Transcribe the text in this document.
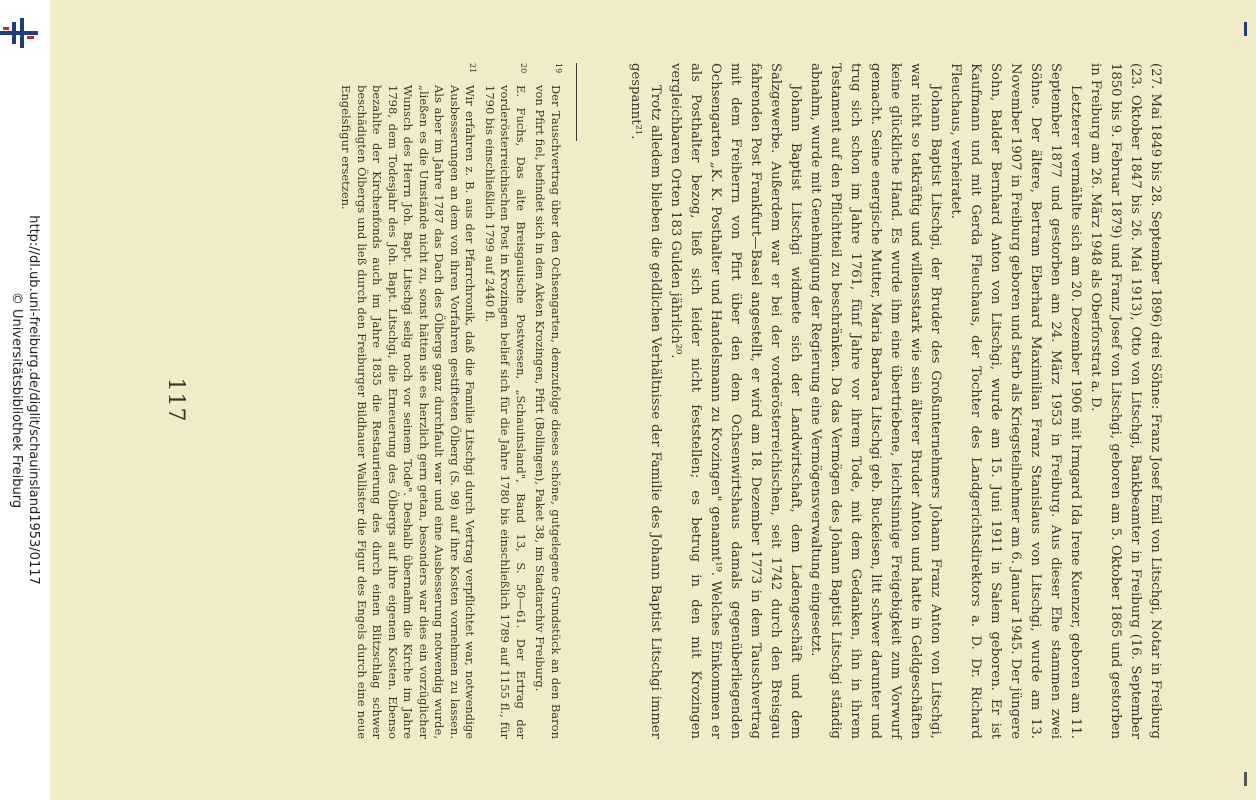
http://dl.ub.uni-freiburg.de/diglit/schauinsland1953/0117
© Universitätsbibliothek Freiburg	(27. Mai 1849 bis 28. September 1896) drei Söhne: Franz Josef Emil von Litschgi, Notar in Freiburg (23. Oktober 1847 bis 26. Mai 1913), Otto von Litschgi, Bankbeamter in Freiburg (16. September 1850 bis 9. Februar 1879) und Franz Josef von Litschgi, geboren am 5. Oktober 1865 und gestorben in Freiburg am 26. März 1948 als Oberforstrat a. D.

Letzterer vermählte sich am 20. Dezember 1906 mit Irmgard Ida Irene Kuenzer, geboren am 11. September 1877 und gestorben am 24. März 1953 in Freiburg. Aus dieser Ehe stammen zwei Söhne. Der ältere, Bertram Eberhard Maximilian Franz Stanislaus von Litschgi, wurde am 13. November 1907 in Freiburg geboren und starb als Kriegsteilnehmer am 6. Januar 1945. Der jüngere Sohn, Balder Bernhard Anton von Litschgi, wurde am 15. Juni 1911 in Salem geboren. Er ist Kaufmann und mit Gerda Fleuchaus, der Tochter des Landgerichtsdirektors a. D. Dr. Richard Fleuchaus, verheiratet.

Johann Baptist Litschgi, der Bruder des Großunternehmers Johann Franz Anton von Litschgi, war nicht so tatkräftig und willensstark wie sein älterer Bruder Anton und hatte in Geldgeschäften keine glückliche Hand. Es wurde ihm eine übertriebene, leichtsinnige Freigebigkeit zum Vorwurf gemacht. Seine energische Mutter, Maria Barbara Litschgi geb. Buckeisen, litt schwer darunter und trug sich schon im Jahre 1761, fünf Jahre vor ihrem Tode, mit dem Gedanken, ihn in ihrem Testament auf den Pflichtteil zu beschränken. Da das Vermögen des Johann Baptist Litschgi ständig abnahm, wurde mit Genehmigung der Regierung eine Vermögensverwaltung eingesetzt.

Johann Baptist Litschgi widmete sich der Landwirtschaft, dem Ladengeschäft und dem Salzgewerbe. Außerdem war er bei der vorderösterreichischen, seit 1742 durch den Breisgau fahrenden Post Frankfurt—Basel angestellt, er wird am 18. Dezember 1773 in dem Tauschvertrag mit dem Freiherrn von Pfirt über den dem Ochsenwirtshaus damals gegenüberliegenden Ochsengarten „K. K. Posthalter und Handelsmann zu Krozingen" genannt¹⁹. Welches Einkommen er als Posthalter bezog, ließ sich leider nicht feststellen; es betrug in den mit Krozingen vergleichbaren Orten 183 Gulden jährlich²⁰.

Trotz alledem blieben die geldlichen Verhältnisse der Familie des Johann Baptist Litschgi immer gespannt²¹.

19
Der Tauschvertrag über den Ochsengarten, demzufolge dieses schöne, gutgelegene Grundstück an den Baron von Pfirt fiel, befindet sich in den Akten Krozingen, Pfirt (Bollingen), Paket 38, im Stadtarchiv Freiburg.

20
E. Fuchs, Das alte Breisgauische Postwesen, „Schauinsland", Band 13, S. 50—61. Der Ertrag der vorderösterreichischen Post in Krozingen belief sich für die Jahre 1780 bis einschließlich 1789 auf 1155 fl., für 1790 bis einschließlich 1799 auf 2440 fl.

21
Wir erfahren z. B. aus der Pfarrchronik, daß die Familie Litschgi durch Vertrag verpflichtet war, notwendige Ausbesserungen an dem von ihren Vorfahren gestifteten Ölberg (S. 98) auf ihre Kosten vornehmen zu lassen. Als aber im Jahre 1787 das Dach des Ölbergs ganz durchfault war und eine Ausbesserung notwendig wurde, „ließen es die Umstände nicht zu, sonst hätten sie es herzlich gern getan, besonders war dies ein vorzüglicher Wunsch des Herrn Joh. Bapt. Litschgi selig noch vor seinem Tode". Deshalb übernahm die Kirche im Jahre 1798, dem Todesjahr des Joh. Bapt. Litschgi, die Erneuerung des Ölbergs auf ihre eigenen Kosten. Ebenso bezahlte der Kirchenfonds auch im Jahre 1835 die Restaurierung des durch einen Blitzschlag schwer beschädigten Ölbergs und ließ durch den Freiburger Bildhauer Wallister die Figur des Engels durch eine neue Engelsfigur ersetzen.

117
